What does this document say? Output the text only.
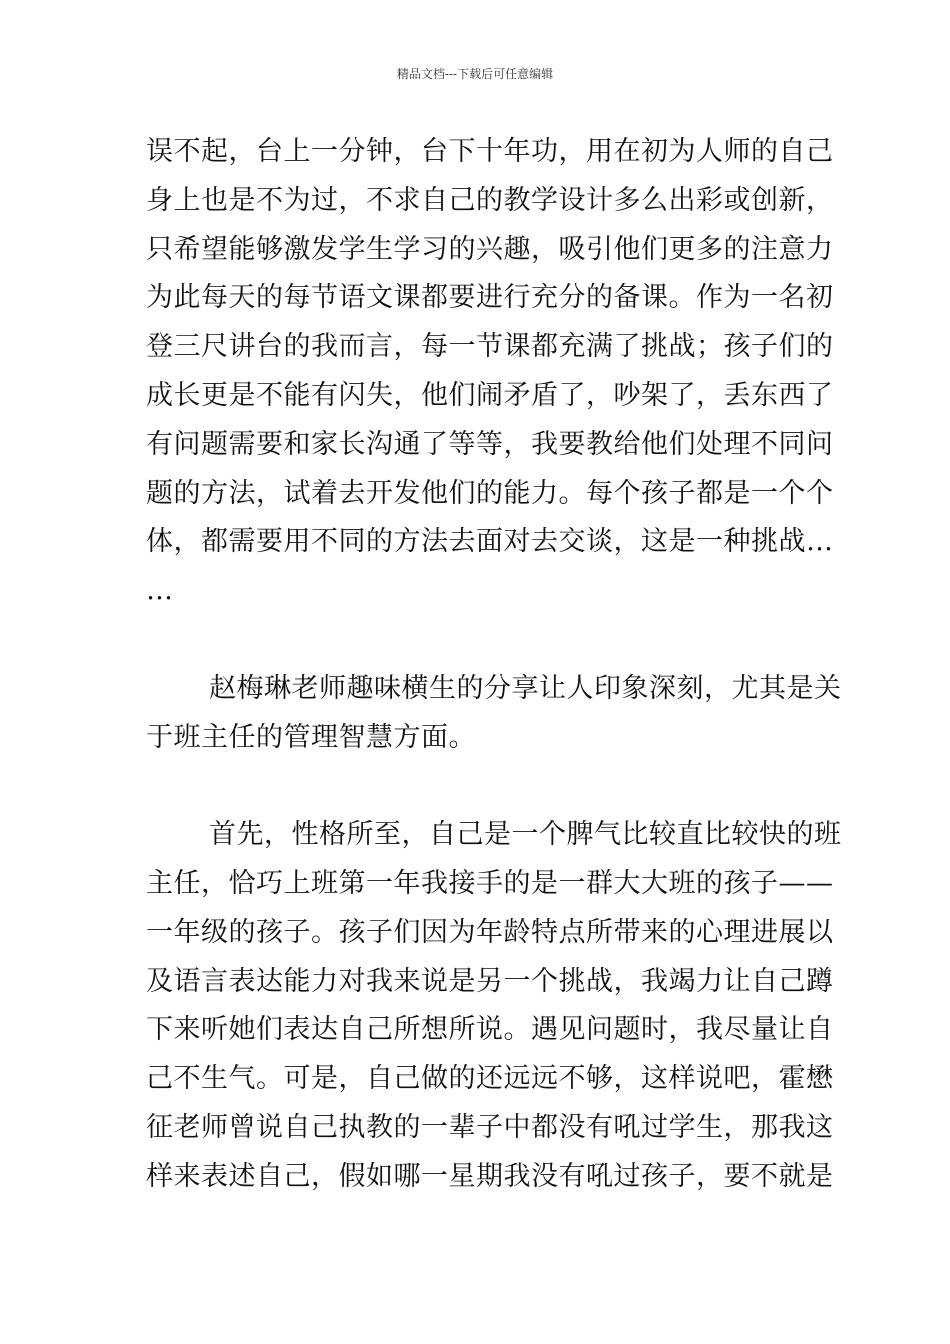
精品文档---下载后可任意编辑
误不起，台上一分钟，台下十年功，用在初为人师的自己
身上也是不为过，不求自己的教学设计多么出彩或创新，
只希望能够激发学生学习的兴趣，吸引他们更多的注意力
为此每天的每节语文课都要进行充分的备课。作为一名初
登三尺讲台的我而言，每一节课都充满了挑战；孩子们的
成长更是不能有闪失，他们闹矛盾了，吵架了，丢东西了
有问题需要和家长沟通了等等，我要教给他们处理不同问
题的方法，试着去开发他们的能力。每个孩子都是一个个
体，都需要用不同的方法去面对去交谈，这是一种挑战…
…
赵梅琳老师趣味横生的分享让人印象深刻，尤其是关
于班主任的管理智慧方面。
首先，性格所至，自己是一个脾气比较直比较快的班
主任，恰巧上班第一年我接手的是一群大大班的孩子——
一年级的孩子。孩子们因为年龄特点所带来的心理进展以
及语言表达能力对我来说是另一个挑战，我竭力让自己蹲
下来听她们表达自己所想所说。遇见问题时，我尽量让自
己不生气。可是，自己做的还远远不够，这样说吧，霍懋
征老师曾说自己执教的一辈子中都没有吼过学生，那我这
样来表述自己，假如哪一星期我没有吼过孩子，要不就是
